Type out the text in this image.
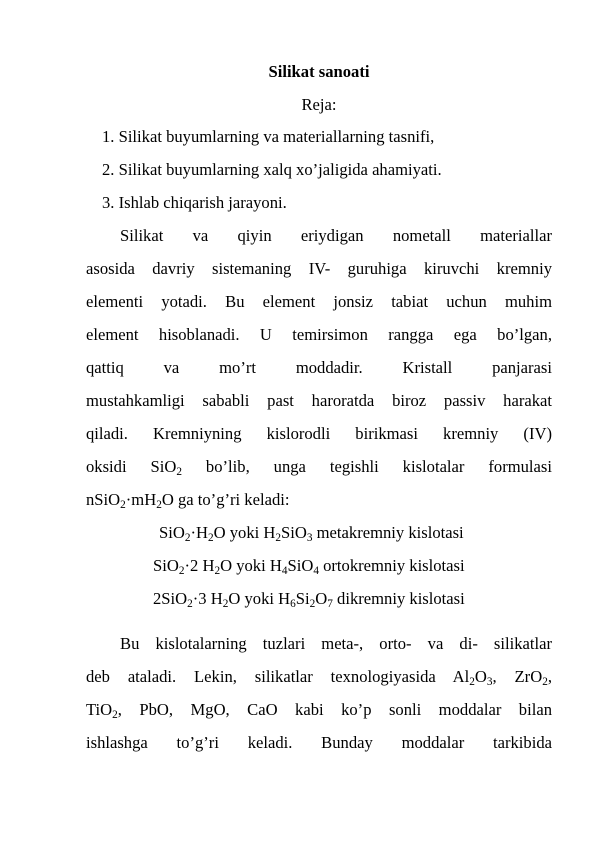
Silikat sanoati
Reja:
1. Silikat buyumlarning va materiallarning tasnifi,
2. Silikat buyumlarning xalq xo’jaligida ahamiyati.
3. Ishlab chiqarish jarayoni.
Silikat va qiyin eriydigan nometall materiallar
asosida davriy sistemaning IV- guruhiga kiruvchi kremniy
elementi yotadi. Bu element jonsiz tabiat uchun muhim
element hisoblanadi. U temirsimon rangga ega bo’lgan,
qattiq va mo’rt moddadir. Kristall panjarasi
mustahkamligi sababli past haroratda biroz passiv harakat
qiladi. Kremniyning kislorodli birikmasi kremniy (IV)
oksidi SiO$_2$ bo’lib, unga tegishli kislotalar formulasi
$nSiO_2\cdot mH_2O$ ga to’g’ri keladi:
$SiO_2\cdot H_2O$ yoki $H_2SiO_3$ metakremniy kislotasi
SiO$_2$·2 $H_2O$ yoki $H_4SiO_4$ ortokremniy kislotasi
2SiO$_2$·3 $H_2O$ yoki $H_6Si_2O_7$ dikremniy kislotasi
Bu kislotalarning tuzlari meta-, orto- va di- silikatlar
deb ataladi. Lekin, silikatlar texnologiyasida $Al_2O_3$, ZrO$_2$,
TiO$_2$, PbO, MgO, CaO kabi ko’p sonli moddalar bilan
ishlashga to’g’ri keladi. Bunday moddalar tarkibida
